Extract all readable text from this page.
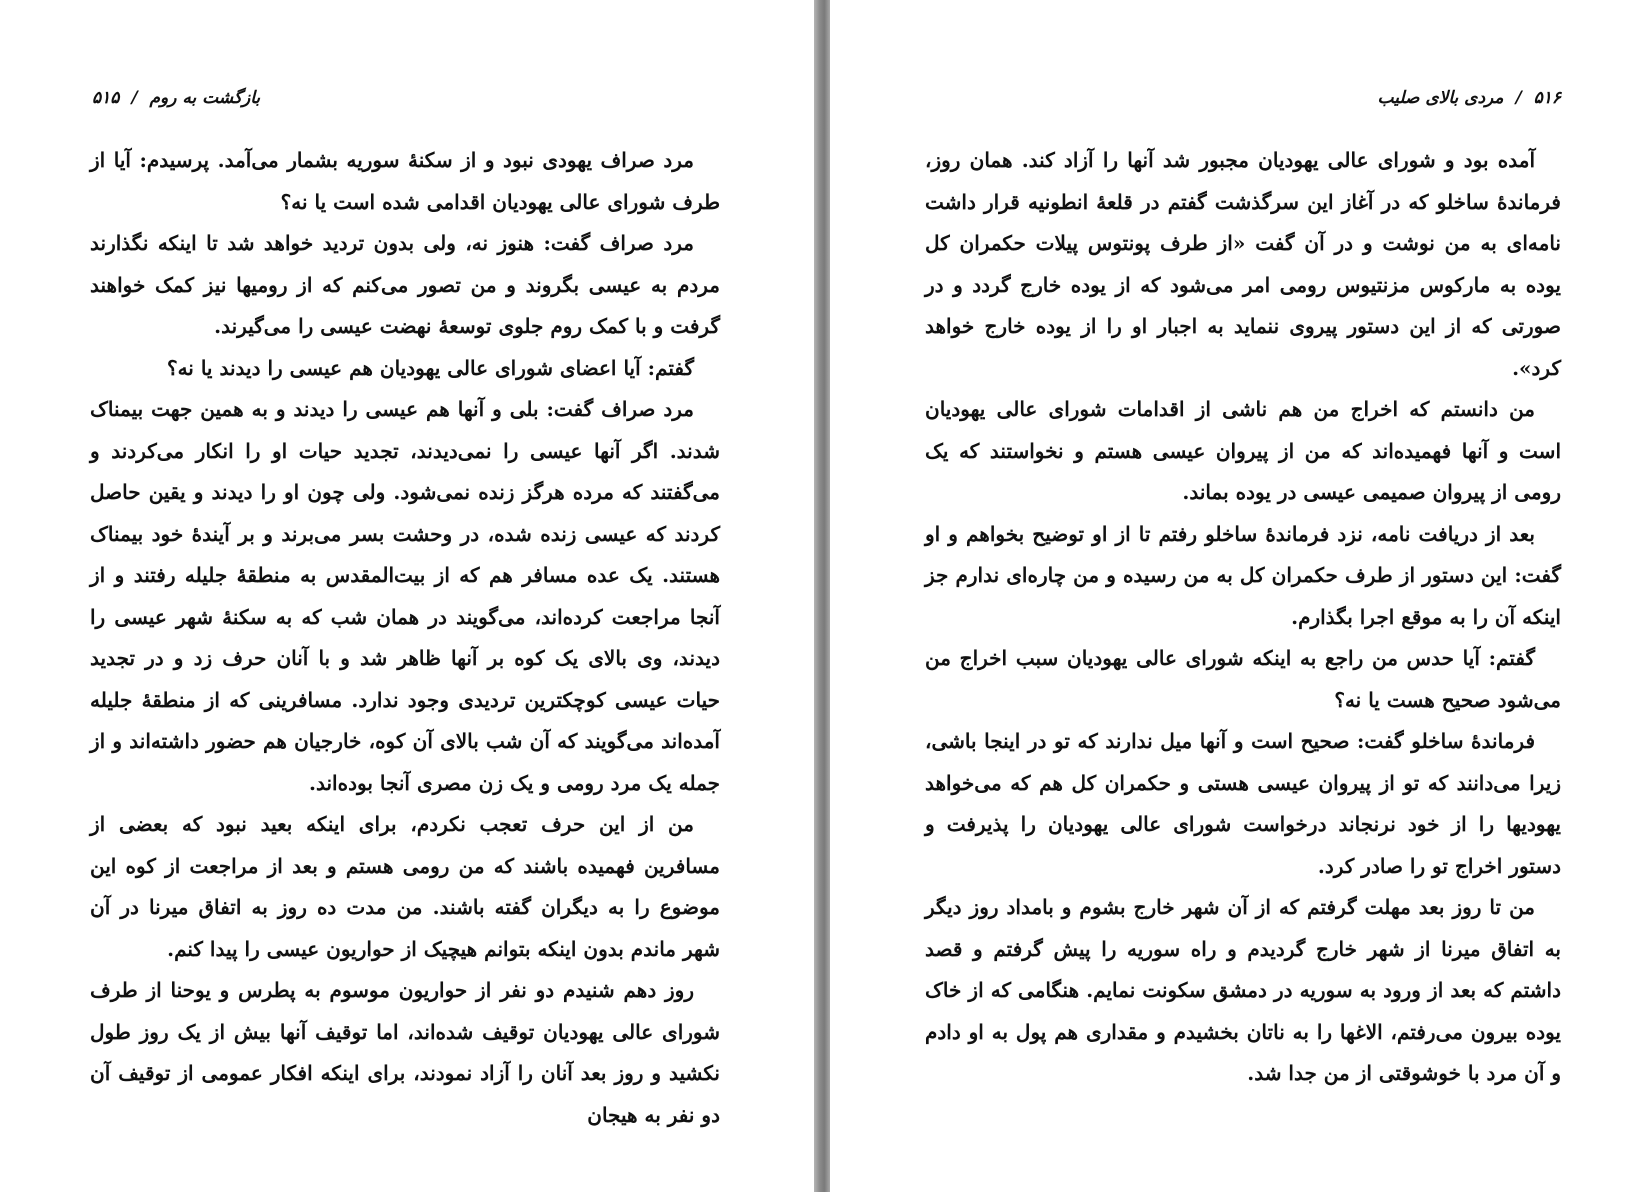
بازگشت به روم / ۵۱۵

مرد صراف یهودی نبود و از سکنهٔ سوریه بشمار می‌آمد. پرسیدم: آیا از طرف شورای عالی یهودیان اقدامی شده است یا نه؟

مرد صراف گفت: هنوز نه، ولی بدون تردید خواهد شد تا اینکه نگذارند مردم به عیسی بگروند و من تصور می‌کنم که از رومیها نیز کمک خواهند گرفت و با کمک روم جلوی توسعهٔ نهضت عیسی را می‌گیرند.

گفتم: آیا اعضای شورای عالی یهودیان هم عیسی را دیدند یا نه؟

مرد صراف گفت: بلی و آنها هم عیسی را دیدند و به همین جهت بیمناک شدند. اگر آنها عیسی را نمی‌دیدند، تجدید حیات او را انکار می‌کردند و می‌گفتند که مرده هرگز زنده نمی‌شود. ولی چون او را دیدند و یقین حاصل کردند که عیسی زنده شده، در وحشت بسر می‌برند و بر آیندهٔ خود بیمناک هستند. یک عده مسافر هم که از بیت‌المقدس به منطقهٔ جلیله رفتند و از آنجا مراجعت کرده‌اند، می‌گویند در همان شب که به سکنهٔ شهر عیسی را دیدند، وی بالای یک کوه بر آنها ظاهر شد و با آنان حرف زد و در تجدید حیات عیسی کوچکترین تردیدی وجود ندارد. مسافرینی که از منطقهٔ جلیله آمده‌اند می‌گویند که آن شب بالای آن کوه، خارجیان هم حضور داشته‌اند و از جمله یک مرد رومی و یک زن مصری آنجا بوده‌اند.

من از این حرف تعجب نکردم، برای اینکه بعید نبود که بعضی از مسافرین فهمیده باشند که من رومی هستم و بعد از مراجعت از کوه این موضوع را به دیگران گفته باشند. من مدت ده روز به اتفاق میرنا در آن شهر ماندم بدون اینکه بتوانم هیچیک از حواریون عیسی را پیدا کنم.

روز دهم شنیدم دو نفر از حواریون موسوم به پطرس و یوحنا از طرف شورای عالی یهودیان توقیف شده‌اند، اما توقیف آنها بیش از یک روز طول نکشید و روز بعد آنان را آزاد نمودند، برای اینکه افکار عمومی از توقیف آن دو نفر به هیجان

۵۱۶ / مردی بالای صلیب

آمده بود و شورای عالی یهودیان مجبور شد آنها را آزاد کند. همان روز، فرماندهٔ ساخلو که در آغاز این سرگذشت گفتم در قلعهٔ انطونیه قرار داشت نامه‌ای به من نوشت و در آن گفت «از طرف پونتوس پیلات حکمران کل یوده به مارکوس مزنتیوس رومی امر می‌شود که از یوده خارج گردد و در صورتی که از این دستور پیروی ننماید به اجبار او را از یوده خارج خواهد کرد».

من دانستم که اخراج من هم ناشی از اقدامات شورای عالی یهودیان است و آنها فهمیده‌اند که من از پیروان عیسی هستم و نخواستند که یک رومی از پیروان صمیمی عیسی در یوده بماند.

بعد از دریافت نامه، نزد فرماندهٔ ساخلو رفتم تا از او توضیح بخواهم و او گفت: این دستور از طرف حکمران کل به من رسیده و من چاره‌ای ندارم جز اینکه آن را به موقع اجرا بگذارم.

گفتم: آیا حدس من راجع به اینکه شورای عالی یهودیان سبب اخراج من می‌شود صحیح هست یا نه؟

فرماندهٔ ساخلو گفت: صحیح است و آنها میل ندارند که تو در اینجا باشی، زیرا می‌دانند که تو از پیروان عیسی هستی و حکمران کل هم که می‌خواهد یهودیها را از خود نرنجاند درخواست شورای عالی یهودیان را پذیرفت و دستور اخراج تو را صادر کرد.

من تا روز بعد مهلت گرفتم که از آن شهر خارج بشوم و بامداد روز دیگر به اتفاق میرنا از شهر خارج گردیدم و راه سوریه را پیش گرفتم و قصد داشتم که بعد از ورود به سوریه در دمشق سکونت نمایم. هنگامی که از خاک یوده بیرون می‌رفتم، الاغها را به ناتان بخشیدم و مقداری هم پول به او دادم و آن مرد با خوشوقتی از من جدا شد.
